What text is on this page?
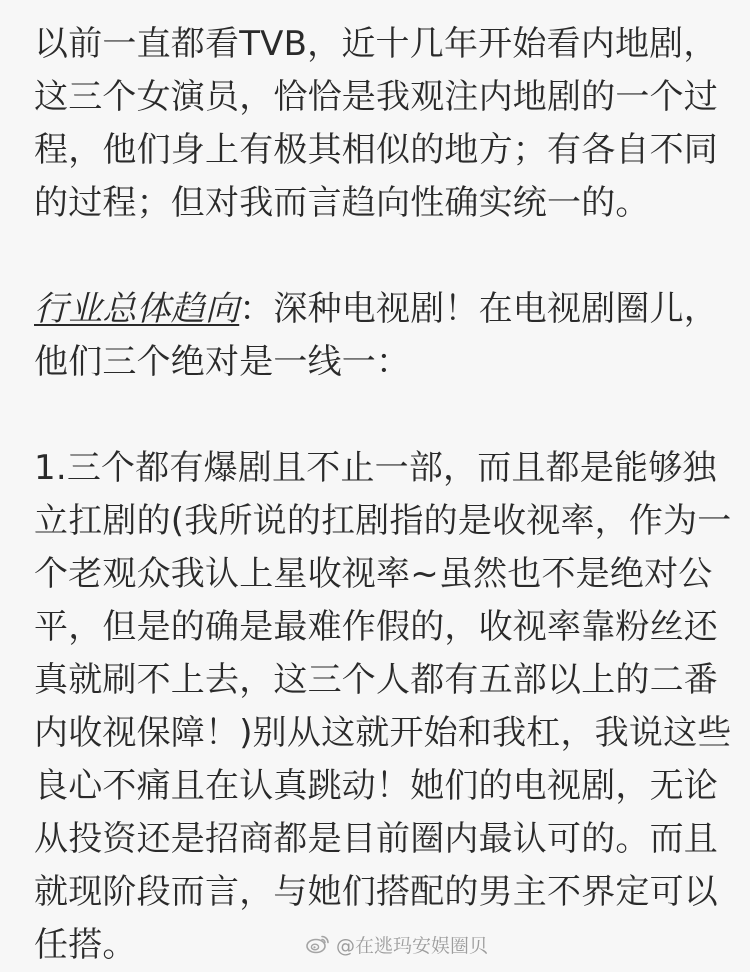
以前一直都看TVB，近十几年开始看内地剧，
这三个女演员，恰恰是我观注内地剧的一个过
程，他们身上有极其相似的地方；有各自不同
的过程；但对我而言趋向性确实统一的。
行业总体趋向：深种电视剧！在电视剧圈儿，
他们三个绝对是一线一：
1.三个都有爆剧且不止一部，而且都是能够独
立扛剧的(我所说的扛剧指的是收视率，作为一
个老观众我认上星收视率~虽然也不是绝对公
平，但是的确是最难作假的，收视率靠粉丝还
真就刷不上去，这三个人都有五部以上的二番
内收视保障！)别从这就开始和我杠，我说这些
良心不痛且在认真跳动！她们的电视剧，无论
从投资还是招商都是目前圈内最认可的。而且
就现阶段而言，与她们搭配的男主不界定可以
任搭。	@在逃玛安娱圈贝
